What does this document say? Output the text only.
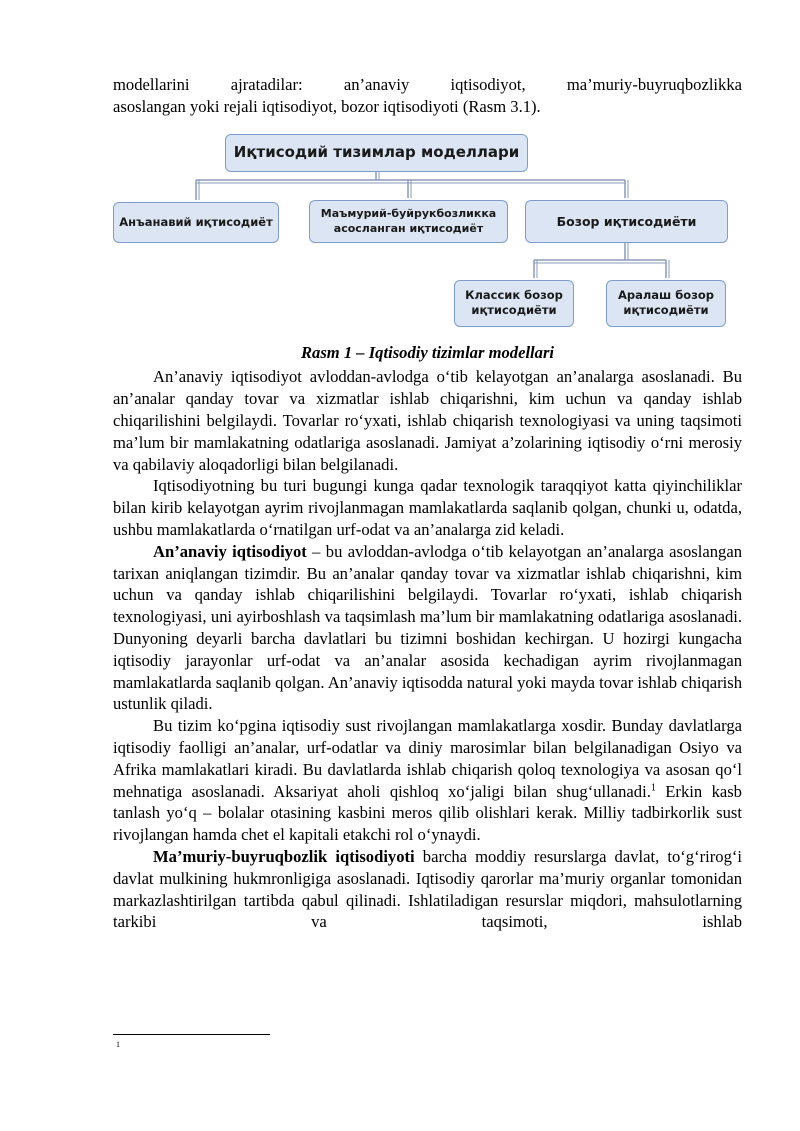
modellarini ajratadilar: an’anaviy iqtisodiyot, ma’muriy-buyruqbozlikka

asoslangan yoki rejali iqtisodiyot, bozor iqtisodiyoti (Rasm 3.1).

Иқтисодий тизимлар моделлари
Анъанавий иқтисодиёт
Маъмурий-буйрукбозликка
асосланган иқтисодиёт	Бозор иқтисодиёти
Классик бозор
иқтисодиёти
Аралаш бозор
иқтисодиёти

Rasm 1 – Iqtisodiy tizimlar modellari

An’anaviy iqtisodiyot avloddan-avlodga o‘tib kelayotgan an’analarga asoslanadi. Bu an’analar qanday tovar va xizmatlar ishlab chiqarishni, kim uchun va qanday ishlab chiqarilishini belgilaydi. Tovarlar ro‘yxati, ishlab chiqarish texnologiyasi va uning taqsimoti ma’lum bir mamlakatning odatlariga asoslanadi. Jamiyat a’zolarining iqtisodiy o‘rni merosiy va qabilaviy aloqadorligi bilan belgilanadi.

Iqtisodiyotning bu turi bugungi kunga qadar texnologik taraqqiyot katta qiyinchiliklar bilan kirib kelayotgan ayrim rivojlanmagan mamlakatlarda saqlanib qolgan, chunki u, odatda, ushbu mamlakatlarda o‘rnatilgan urf-odat va an’analarga zid keladi.

An’anaviy iqtisodiyot – bu avloddan-avlodga o‘tib kelayotgan an’analarga asoslangan tarixan aniqlangan tizimdir. Bu an’analar qanday tovar va xizmatlar ishlab chiqarishni, kim uchun va qanday ishlab chiqarilishini belgilaydi. Tovarlar ro‘yxati, ishlab chiqarish texnologiyasi, uni ayirboshlash va taqsimlash ma’lum bir mamlakatning odatlariga asoslanadi. Dunyoning deyarli barcha davlatlari bu tizimni boshidan kechirgan. U hozirgi kungacha iqtisodiy jarayonlar urf-odat va an’analar asosida kechadigan ayrim rivojlanmagan mamlakatlarda saqlanib qolgan. An’anaviy iqtisodda natural yoki mayda tovar ishlab chiqarish ustunlik qiladi.

Bu tizim ko‘pgina iqtisodiy sust rivojlangan mamlakatlarga xosdir. Bunday davlatlarga iqtisodiy faolligi an’analar, urf-odatlar va diniy marosimlar bilan belgilanadigan Osiyo va Afrika mamlakatlari kiradi. Bu davlatlarda ishlab chiqarish qoloq texnologiya va asosan qo‘l mehnatiga asoslanadi. Aksariyat aholi qishloq xo‘jaligi bilan shug‘ullanadi.$^1$ Erkin kasb tanlash yo‘q – bolalar otasining kasbini meros qilib olishlari kerak. Milliy tadbirkorlik sust rivojlangan hamda chet el kapitali etakchi rol o‘ynaydi.

Ma’muriy-buyruqbozlik iqtisodiyoti barcha moddiy resurslarga davlat, to‘g‘rirog‘i davlat mulkining hukmronligiga asoslanadi. Iqtisodiy qarorlar ma’muriy organlar tomonidan markazlashtirilgan tartibda qabul qilinadi. Ishlatiladigan resurslar miqdori, mahsulotlarning tarkibi va taqsimoti, ishlab

1
